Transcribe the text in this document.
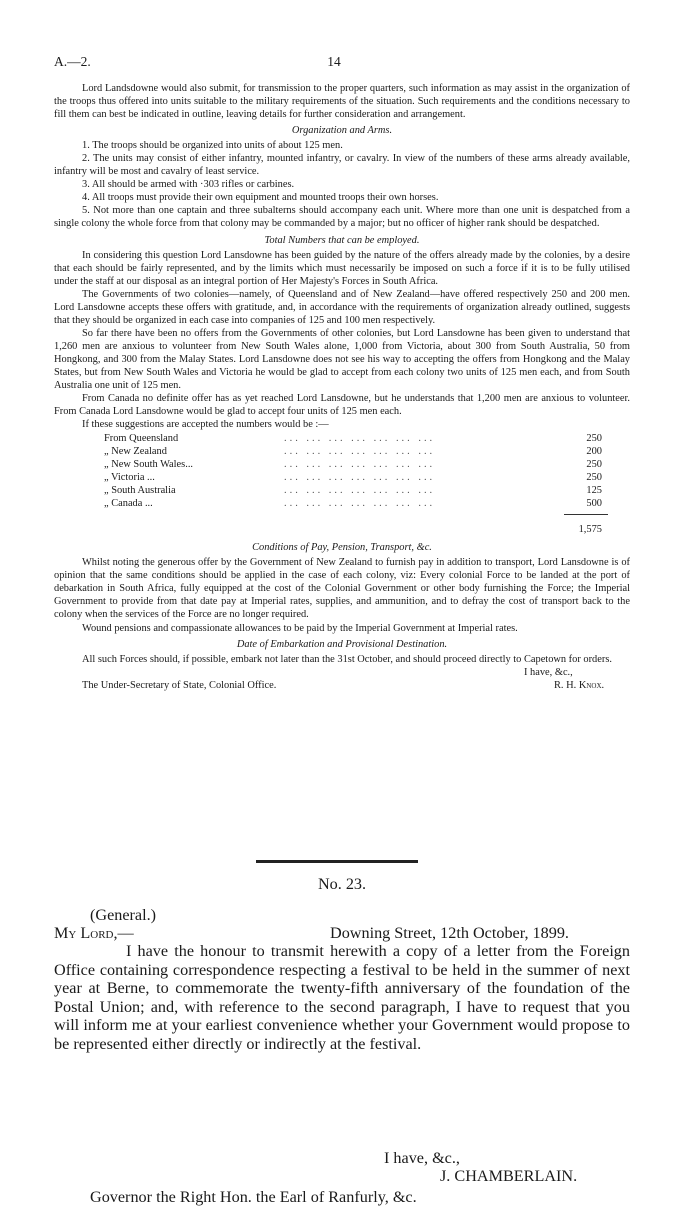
A.—2.	14

Lord Landsdowne would also submit, for transmission to the proper quarters, such information as may assist in the organization of the troops thus offered into units suitable to the military requirements of the situation. Such requirements and the conditions necessary to fill them can best be indicated in outline, leaving details for further consideration and arrangement.

Organization and Arms.

1. The troops should be organized into units of about 125 men.

2. The units may consist of either infantry, mounted infantry, or cavalry. In view of the numbers of these arms already available, infantry will be most and cavalry of least service.

3. All should be armed with ·303 rifles or carbines.

4. All troops must provide their own equipment and mounted troops their own horses.

5. Not more than one captain and three subalterns should accompany each unit. Where more than one unit is despatched from a single colony the whole force from that colony may be commanded by a major; but no officer of higher rank should be despatched.

Total Numbers that can be employed.

In considering this question Lord Lansdowne has been guided by the nature of the offers already made by the colonies, by a desire that each should be fairly represented, and by the limits which must necessarily be imposed on such a force if it is to be fully utilised under the staff at our disposal as an integral portion of Her Majesty's Forces in South Africa.

The Governments of two colonies—namely, of Queensland and of New Zealand—have offered respectively 250 and 200 men. Lord Lansdowne accepts these offers with gratitude, and, in accordance with the requirements of organization already outlined, suggests that they should be organized in each case into companies of 125 and 100 men respectively.

So far there have been no offers from the Governments of other colonies, but Lord Lansdowne has been given to understand that 1,260 men are anxious to volunteer from New South Wales alone, 1,000 from Victoria, about 300 from South Australia, 50 from Hongkong, and 300 from the Malay States. Lord Lansdowne does not see his way to accepting the offers from Hongkong and the Malay States, but from New South Wales and Victoria he would be glad to accept from each colony two units of 125 men each, and from South Australia one unit of 125 men.

From Canada no definite offer has as yet reached Lord Lansdowne, but he understands that 1,200 men are anxious to volunteer. From Canada Lord Lansdowne would be glad to accept four units of 125 men each.

If these suggestions are accepted the numbers would be :—

From Queensland	... ... ... ... ... ... ...	250
„ New Zealand	... ... ... ... ... ... ...	200
„ New South Wales...	... ... ... ... ... ... ...	250
„ Victoria ...	... ... ... ... ... ... ...	250
„ South Australia	... ... ... ... ... ... ...	125
„ Canada ...	... ... ... ... ... ... ...	500
1,575

Conditions of Pay, Pension, Transport, &c.

Whilst noting the generous offer by the Government of New Zealand to furnish pay in addition to transport, Lord Lansdowne is of opinion that the same conditions should be applied in the case of each colony, viz: Every colonial Force to be landed at the port of debarkation in South Africa, fully equipped at the cost of the Colonial Government or other body furnishing the Force; the Imperial Government to provide from that date pay at Imperial rates, supplies, and ammunition, and to defray the cost of transport back to the colony when the services of the Force are no longer required.

Wound pensions and compassionate allowances to be paid by the Imperial Government at Imperial rates.

Date of Embarkation and Provisional Destination.

All such Forces should, if possible, embark not later than the 31st October, and should proceed directly to Capetown for orders.

I have, &c.,
The Under-Secretary of State, Colonial Office.	R. H. Knox.
No. 23.
(General.)
My Lord,—	Downing Street, 12th October, 1899.

I have the honour to transmit herewith a copy of a letter from the Foreign Office containing correspondence respecting a festival to be held in the summer of next year at Berne, to commemorate the twenty-fifth anniversary of the foundation of the Postal Union; and, with reference to the second paragraph, I have to request that you will inform me at your earliest convenience whether your Government would propose to be represented either directly or indirectly at the festival.

I have, &c.,
J. CHAMBERLAIN.
Governor the Right Hon. the Earl of Ranfurly, &c.
